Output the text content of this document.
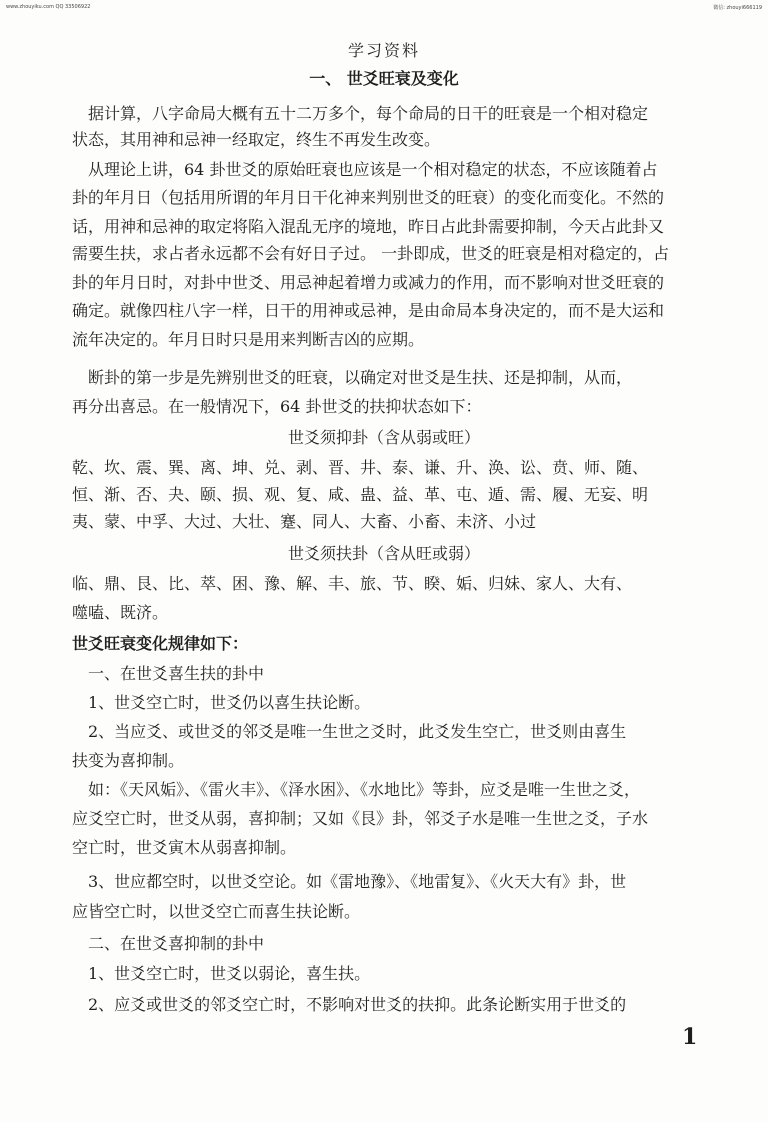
www.zhouyiku.com QQ 33506922	微信: zhouyi666119
学习资料
一、 世爻旺衰及变化
　据计算，八字命局大概有五十二万多个，每个命局的日干的旺衰是一个相对稳定
状态，其用神和忌神一经取定，终生不再发生改变。
　从理论上讲，64 卦世爻的原始旺衰也应该是一个相对稳定的状态，不应该随着占
卦的年月日（包括用所谓的年月日干化神来判别世爻的旺衰）的变化而变化。不然的
话，用神和忌神的取定将陷入混乱无序的境地，昨日占此卦需要抑制，今天占此卦又
需要生扶，求占者永远都不会有好日子过。 一卦即成，世爻的旺衰是相对稳定的，占
卦的年月日时，对卦中世爻、用忌神起着增力或减力的作用，而不影响对世爻旺衰的
确定。就像四柱八字一样，日干的用神或忌神，是由命局本身决定的，而不是大运和
流年决定的。年月日时只是用来判断吉凶的应期。
　断卦的第一步是先辨别世爻的旺衰，以确定对世爻是生扶、还是抑制，从而，
再分出喜忌。在一般情况下，64 卦世爻的扶抑状态如下：
世爻须抑卦（含从弱或旺）
乾、坎、震、巽、离、坤、兑、剥、晋、井、泰、谦、升、涣、讼、贲、师、随、
恒、渐、否、夬、颐、损、观、复、咸、蛊、益、革、屯、遁、需、履、无妄、明
夷、蒙、中孚、大过、大壮、蹇、同人、大畜、小畜、未济、小过
世爻须扶卦（含从旺或弱）
临、鼎、艮、比、萃、困、豫、解、丰、旅、节、睽、姤、归妹、家人、大有、
噬嗑、既济。
世爻旺衰变化规律如下：
　一、在世爻喜生扶的卦中
　1、世爻空亡时，世爻仍以喜生扶论断。
　2、当应爻、或世爻的邻爻是唯一生世之爻时，此爻发生空亡，世爻则由喜生
扶变为喜抑制。
　如：《天风姤》、《雷火丰》、《泽水困》、《水地比》等卦，应爻是唯一生世之爻，
应爻空亡时，世爻从弱，喜抑制；又如《艮》卦，邻爻子水是唯一生世之爻，子水
空亡时，世爻寅木从弱喜抑制。
　3、世应都空时，以世爻空论。如《雷地豫》、《地雷复》、《火天大有》卦，世
应皆空亡时，以世爻空亡而喜生扶论断。
　二、在世爻喜抑制的卦中
　1、世爻空亡时，世爻以弱论，喜生扶。
　2、应爻或世爻的邻爻空亡时，不影响对世爻的扶抑。此条论断实用于世爻的
1
